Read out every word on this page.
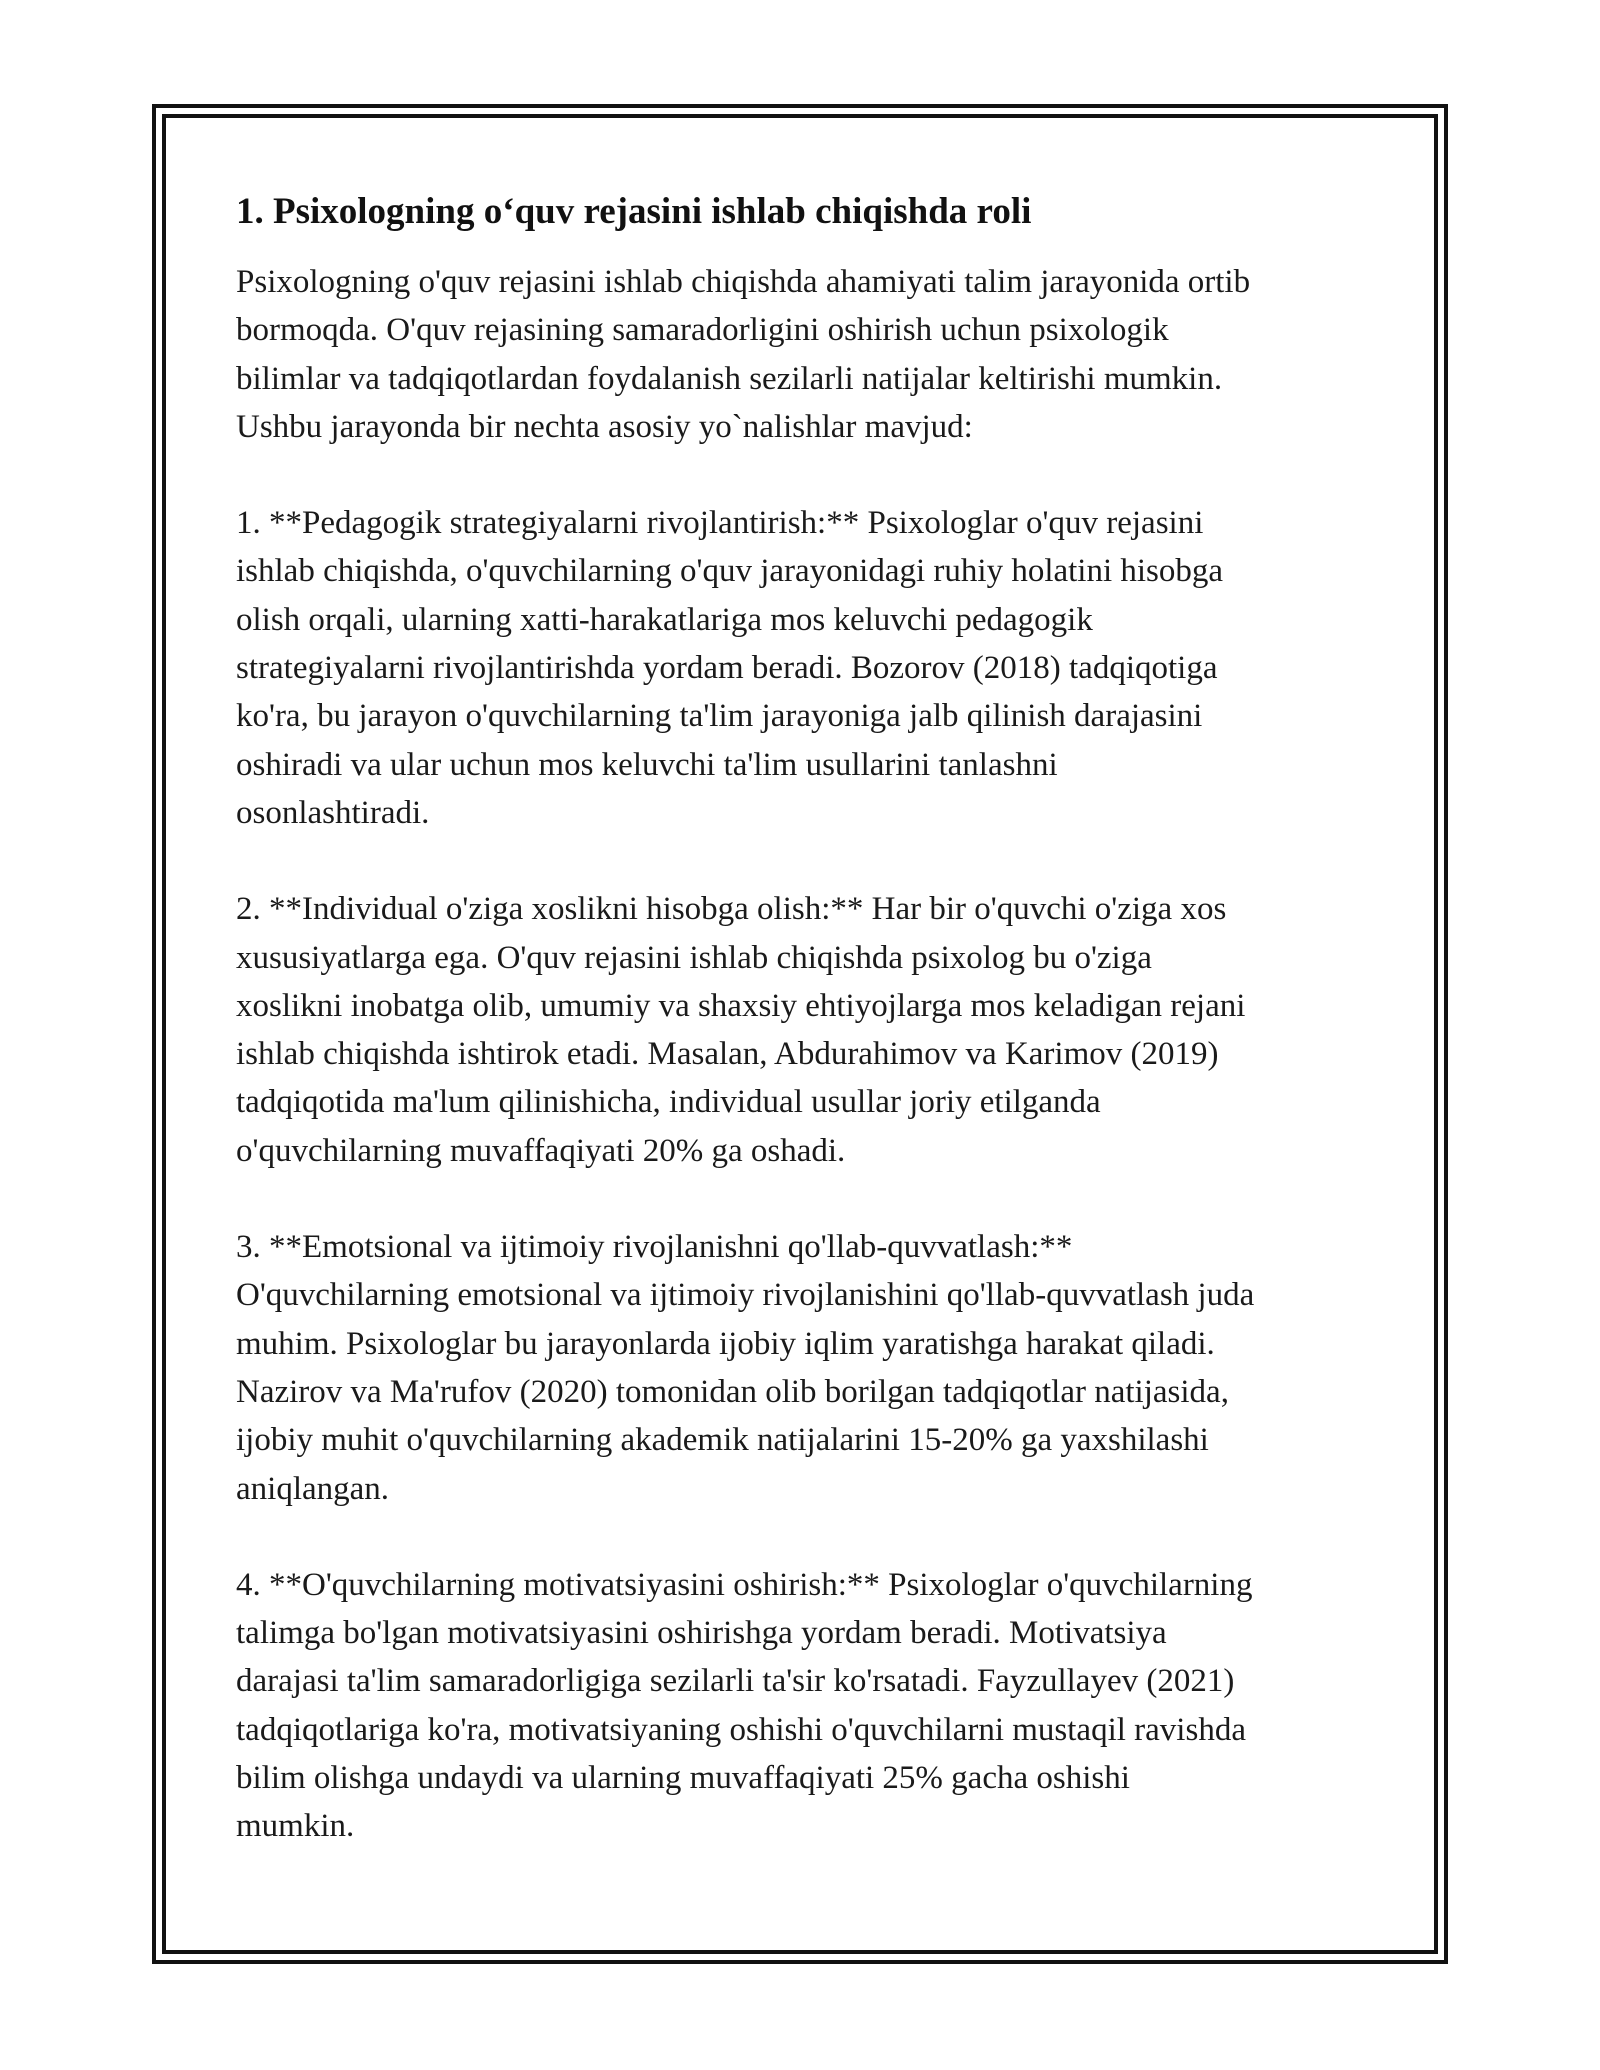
1. Psixologning o‘quv rejasini ishlab chiqishda roli

Psixologning o'quv rejasini ishlab chiqishda ahamiyati talim jarayonida ortib
bormoqda. O'quv rejasining samaradorligini oshirish uchun psixologik
bilimlar va tadqiqotlardan foydalanish sezilarli natijalar keltirishi mumkin.
Ushbu jarayonda bir nechta asosiy yo`nalishlar mavjud:

1. **Pedagogik strategiyalarni rivojlantirish:** Psixologlar o'quv rejasini
ishlab chiqishda, o'quvchilarning o'quv jarayonidagi ruhiy holatini hisobga
olish orqali, ularning xatti-harakatlariga mos keluvchi pedagogik
strategiyalarni rivojlantirishda yordam beradi. Bozorov (2018) tadqiqotiga
ko'ra, bu jarayon o'quvchilarning ta'lim jarayoniga jalb qilinish darajasini
oshiradi va ular uchun mos keluvchi ta'lim usullarini tanlashni
osonlashtiradi.

2. **Individual o'ziga xoslikni hisobga olish:** Har bir o'quvchi o'ziga xos
xususiyatlarga ega. O'quv rejasini ishlab chiqishda psixolog bu o'ziga
xoslikni inobatga olib, umumiy va shaxsiy ehtiyojlarga mos keladigan rejani
ishlab chiqishda ishtirok etadi. Masalan, Abdurahimov va Karimov (2019)
tadqiqotida ma'lum qilinishicha, individual usullar joriy etilganda
o'quvchilarning muvaffaqiyati 20% ga oshadi.

3. **Emotsional va ijtimoiy rivojlanishni qo'llab-quvvatlash:**
O'quvchilarning emotsional va ijtimoiy rivojlanishini qo'llab-quvvatlash juda
muhim. Psixologlar bu jarayonlarda ijobiy iqlim yaratishga harakat qiladi.
Nazirov va Ma'rufov (2020) tomonidan olib borilgan tadqiqotlar natijasida,
ijobiy muhit o'quvchilarning akademik natijalarini 15-20% ga yaxshilashi
aniqlangan.

4. **O'quvchilarning motivatsiyasini oshirish:** Psixologlar o'quvchilarning
talimga bo'lgan motivatsiyasini oshirishga yordam beradi. Motivatsiya
darajasi ta'lim samaradorligiga sezilarli ta'sir ko'rsatadi. Fayzullayev (2021)
tadqiqotlariga ko'ra, motivatsiyaning oshishi o'quvchilarni mustaqil ravishda
bilim olishga undaydi va ularning muvaffaqiyati 25% gacha oshishi
mumkin.
